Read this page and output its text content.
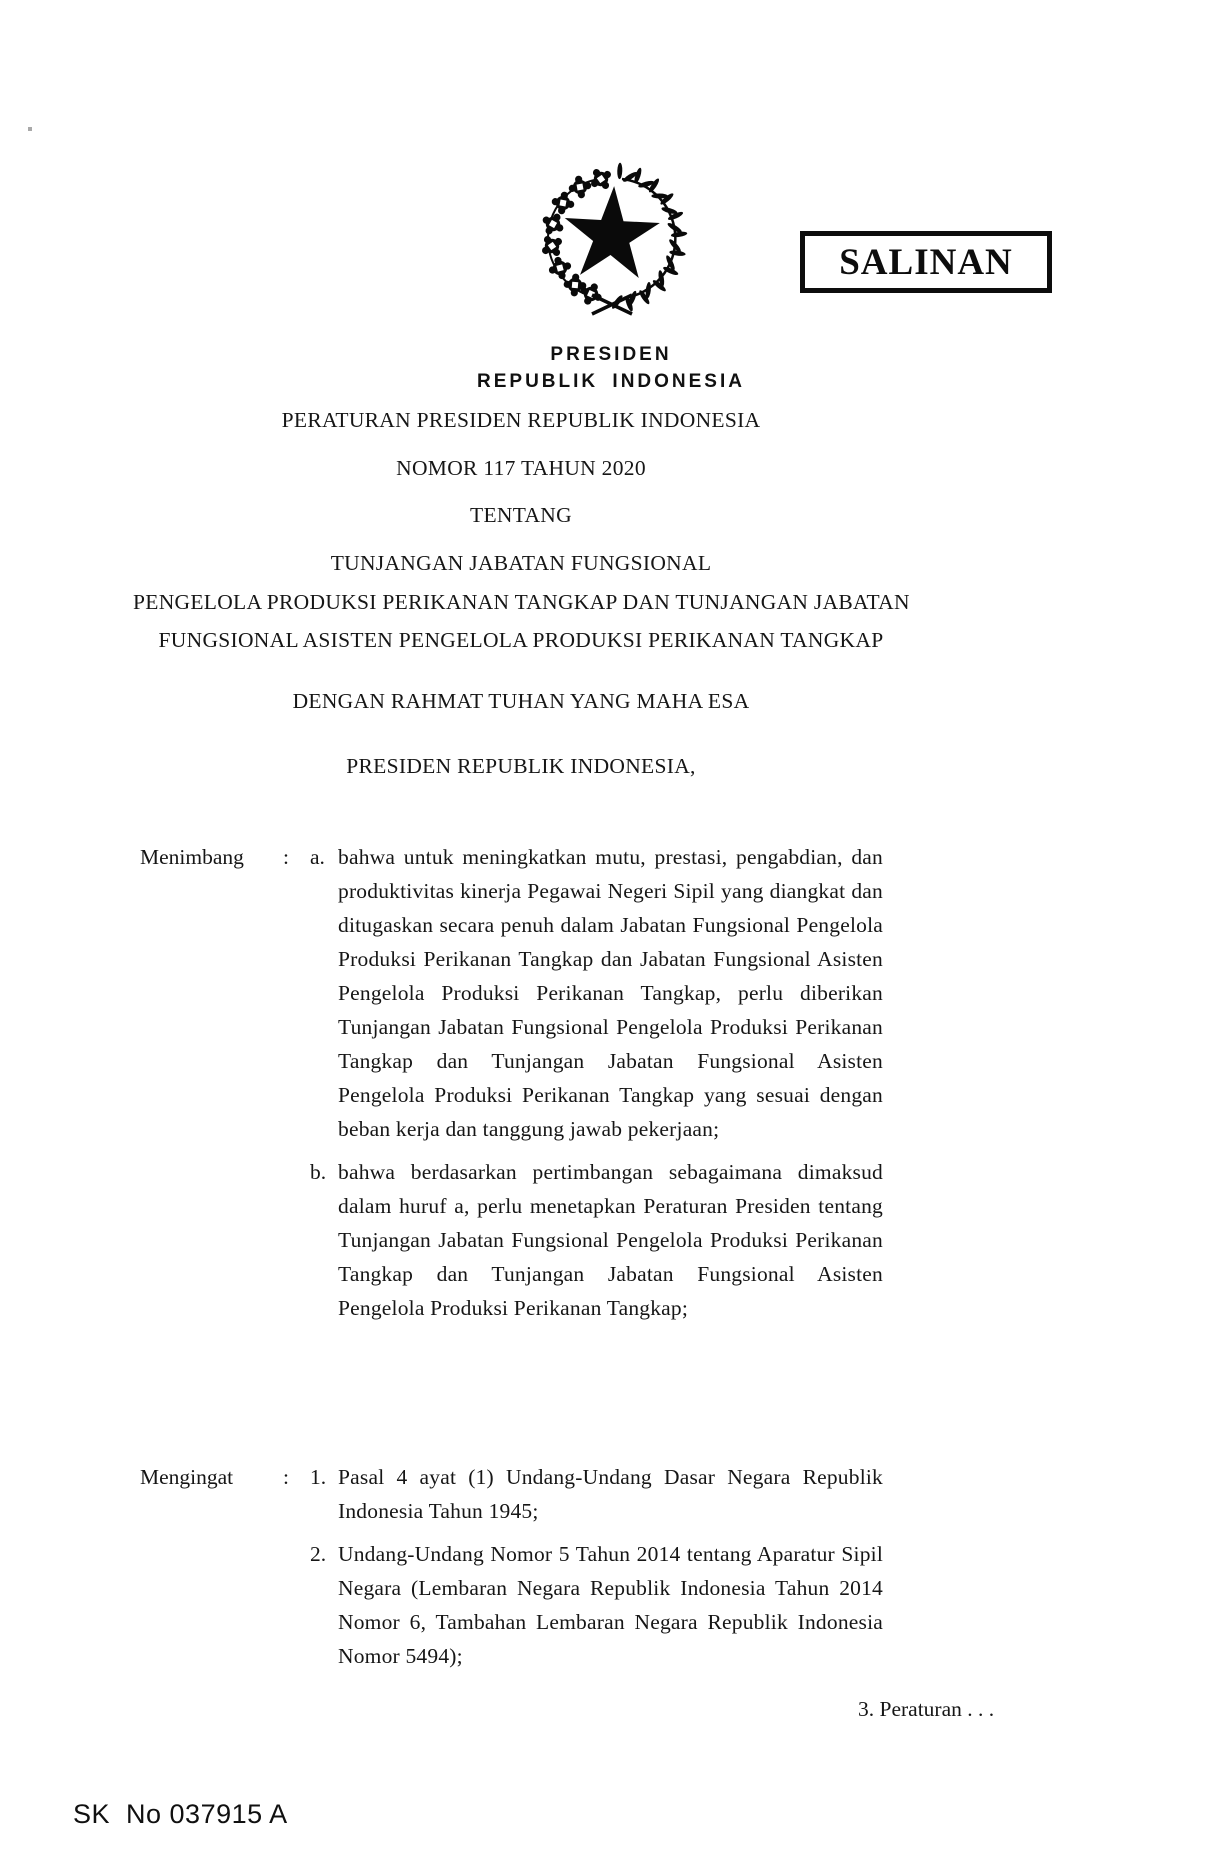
SALINAN
PRESIDEN
REPUBLIK INDONESIA
PERATURAN PRESIDEN REPUBLIK INDONESIA
NOMOR 117 TAHUN 2020
TENTANG
TUNJANGAN JABATAN FUNGSIONAL
PENGELOLA PRODUKSI PERIKANAN TANGKAP DAN TUNJANGAN JABATAN
FUNGSIONAL ASISTEN PENGELOLA PRODUKSI PERIKANAN TANGKAP
DENGAN RAHMAT TUHAN YANG MAHA ESA
PRESIDEN REPUBLIK INDONESIA,
Menimbang	: a. bahwa untuk meningkatkan mutu, prestasi, pengabdian, dan produktivitas kinerja Pegawai Negeri Sipil yang diangkat dan ditugaskan secara penuh dalam Jabatan Fungsional Pengelola Produksi Perikanan Tangkap dan Jabatan Fungsional Asisten Pengelola Produksi Perikanan Tangkap, perlu diberikan Tunjangan Jabatan Fungsional Pengelola Produksi Perikanan Tangkap dan Tunjangan Jabatan Fungsional Asisten Pengelola Produksi Perikanan Tangkap yang sesuai dengan beban kerja dan tanggung jawab pekerjaan;
b. bahwa berdasarkan pertimbangan sebagaimana dimaksud dalam huruf a, perlu menetapkan Peraturan Presiden tentang Tunjangan Jabatan Fungsional Pengelola Produksi Perikanan Tangkap dan Tunjangan Jabatan Fungsional Asisten Pengelola Produksi Perikanan Tangkap;
Mengingat	: 1. Pasal 4 ayat (1) Undang-Undang Dasar Negara Republik Indonesia Tahun 1945;
2. Undang-Undang Nomor 5 Tahun 2014 tentang Aparatur Sipil Negara (Lembaran Negara Republik Indonesia Tahun 2014 Nomor 6, Tambahan Lembaran Negara Republik Indonesia Nomor 5494);
3. Peraturan . . .
SK  No 037915 A
